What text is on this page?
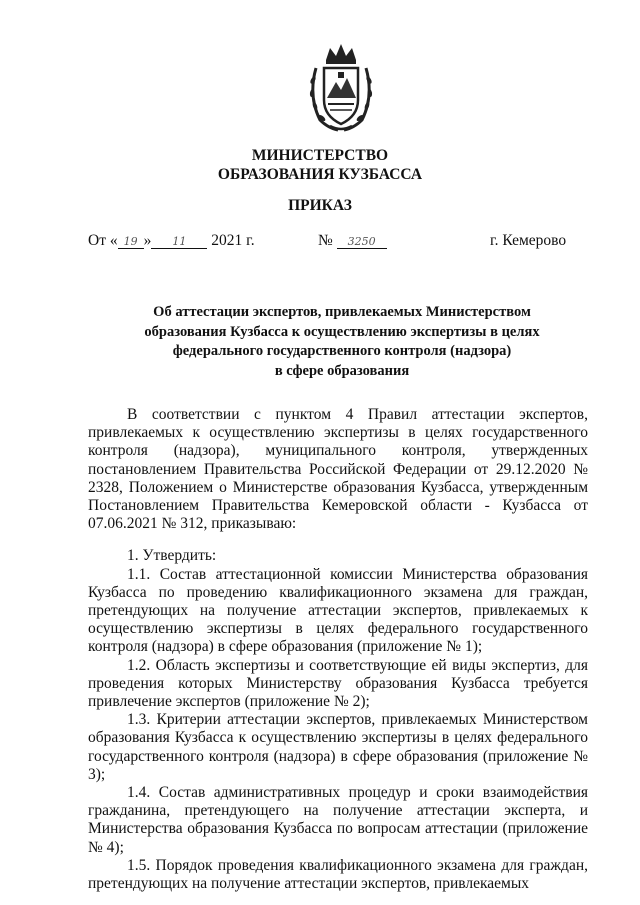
МИНИСТЕРСТВО
ОБРАЗОВАНИЯ КУЗБАССА
ПРИКАЗ
От « 19 » 11 2021 г.	№ 3250	г. Кемерово
Об аттестации экспертов, привлекаемых Министерством
образования Кузбасса к осуществлению экспертизы в целях
федерального государственного контроля (надзора)
в сфере образования

В соответствии с пунктом 4 Правил аттестации экспертов, привлекаемых к осуществлению экспертизы в целях государственного контроля (надзора), муниципального контроля, утвержденных постановлением Правительства Российской Федерации от 29.12.2020 № 2328, Положением о Министерстве образования Кузбасса, утвержденным Постановлением Правительства Кемеровской области - Кузбасса от 07.06.2021 № 312, приказываю:

1. Утвердить:

1.1. Состав аттестационной комиссии Министерства образования Кузбасса по проведению квалификационного экзамена для граждан, претендующих на получение аттестации экспертов, привлекаемых к осуществлению экспертизы в целях федерального государственного контроля (надзора) в сфере образования (приложение № 1);

1.2. Область экспертизы и соответствующие ей виды экспертиз, для проведения которых Министерству образования Кузбасса требуется привлечение экспертов (приложение № 2);

1.3. Критерии аттестации экспертов, привлекаемых Министерством образования Кузбасса к осуществлению экспертизы в целях федерального государственного контроля (надзора) в сфере образования (приложение № 3);

1.4. Состав административных процедур и сроки взаимодействия гражданина, претендующего на получение аттестации эксперта, и Министерства образования Кузбасса по вопросам аттестации (приложение № 4);

1.5. Порядок проведения квалификационного экзамена для граждан, претендующих на получение аттестации экспертов, привлекаемых
